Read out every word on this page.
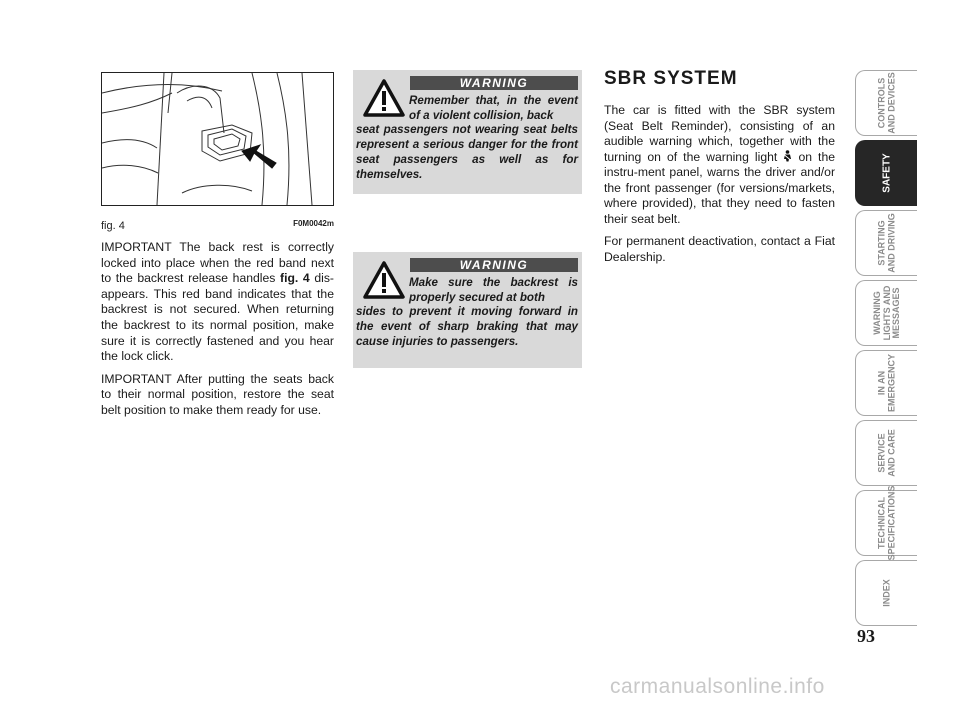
fig. 4	F0M0042m

IMPORTANT The back rest is correctly locked into place when the red band next to the backrest release handles fig. 4 dis-appears. This red band indicates that the backrest is not secured. When returning the backrest to its normal position, make sure it is correctly fastened and you hear the lock click.

IMPORTANT After putting the seats back to their normal position, restore the seat belt position to make them ready for use.

WARNING
Remember that, in the event of a violent collision, back
seat passengers not wearing seat belts represent a serious danger for the front seat passengers as well as for themselves.
WARNING
Make sure the backrest is properly secured at both
sides to prevent it moving forward in the event of sharp braking that may cause injuries to passengers.
SBR SYSTEM

The car is fitted with the SBR system (Seat Belt Reminder), consisting of an audible warning which, together with the turning on of the warning light  on the instru-ment panel, warns the driver and/or the front passenger (for versions/markets, where provided), that they need to fasten their seat belt.

For permanent deactivation, contact a Fiat Dealership.

CONTROLS
AND DEVICES
SAFETY
STARTING
AND DRIVING
WARNING
LIGHTS AND
MESSAGES
IN AN
EMERGENCY
SERVICE
AND CARE
TECHNICAL
SPECIFICATIONS
INDEX
93
carmanualsonline.info
